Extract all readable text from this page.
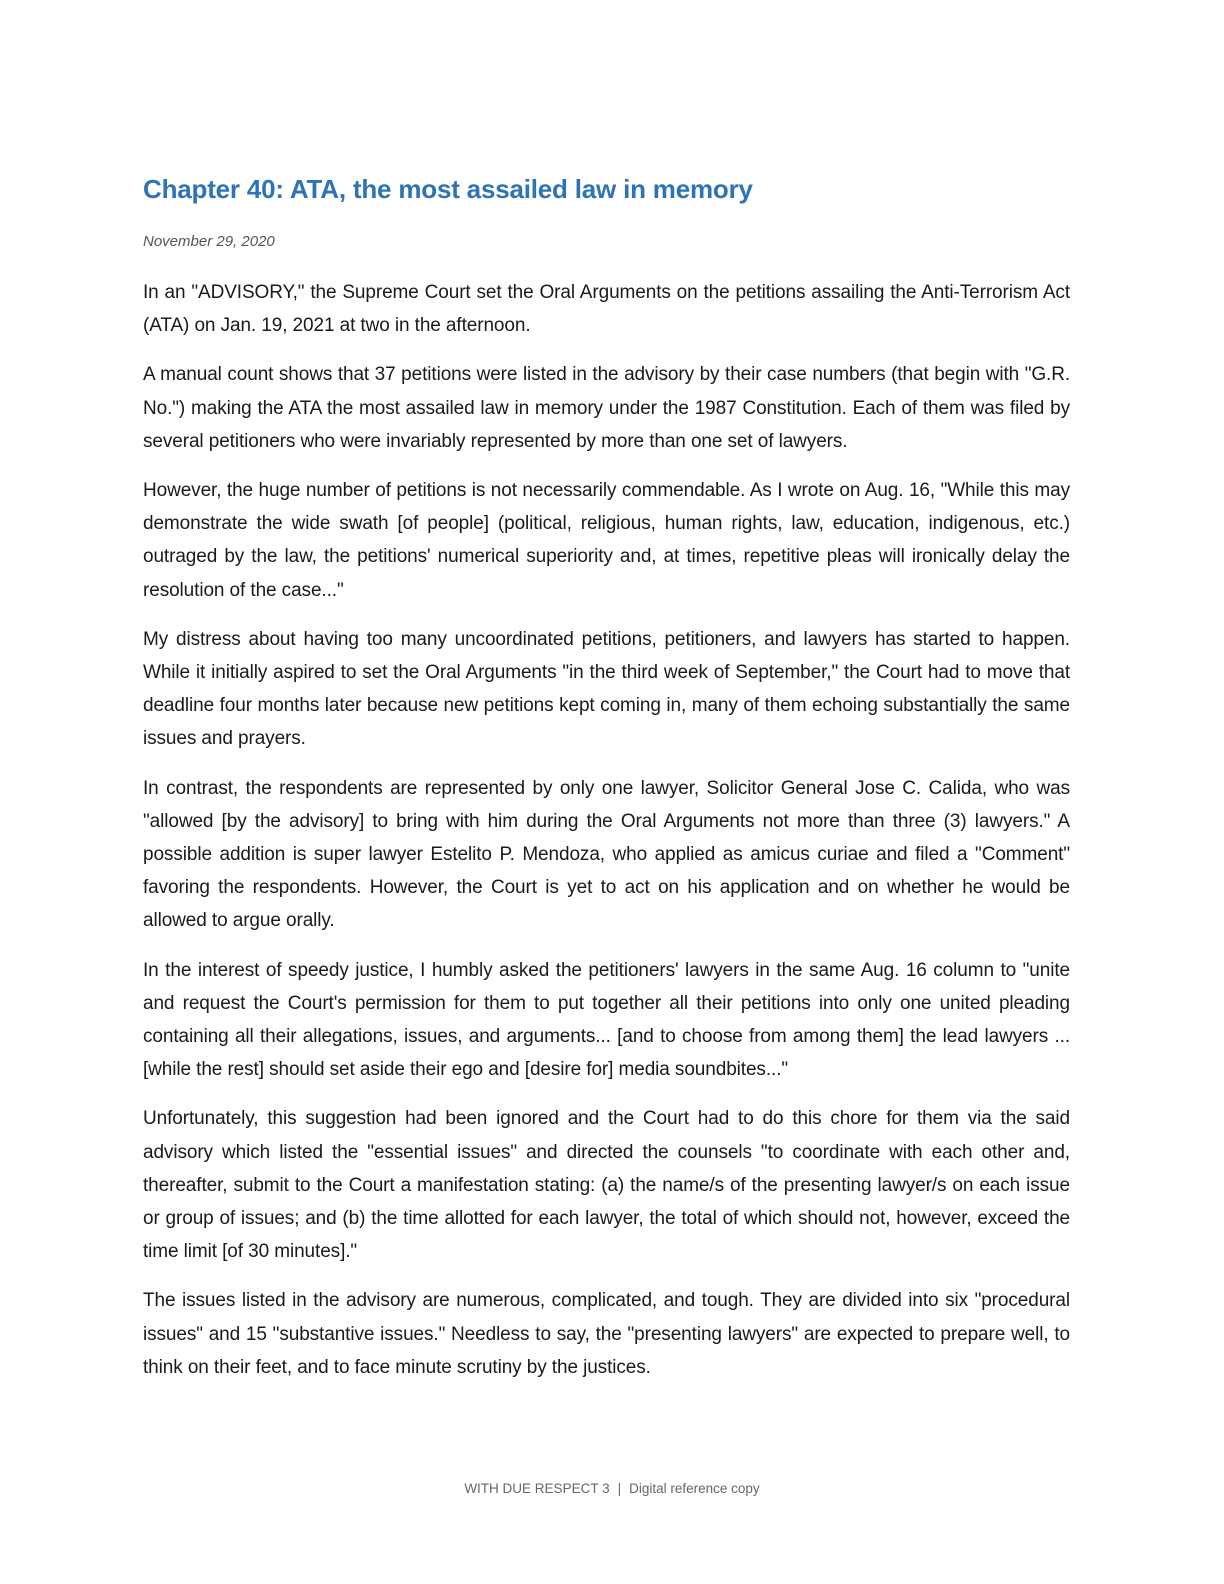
Chapter 40: ATA, the most assailed law in memory
November 29, 2020

In an "ADVISORY," the Supreme Court set the Oral Arguments on the petitions assailing the Anti-Terrorism Act (ATA) on Jan. 19, 2021 at two in the afternoon.

A manual count shows that 37 petitions were listed in the advisory by their case numbers (that begin with "G.R. No.") making the ATA the most assailed law in memory under the 1987 Constitution. Each of them was filed by several petitioners who were invariably represented by more than one set of lawyers.

However, the huge number of petitions is not necessarily commendable. As I wrote on Aug. 16, "While this may demonstrate the wide swath [of people] (political, religious, human rights, law, education, indigenous, etc.) outraged by the law, the petitions' numerical superiority and, at times, repetitive pleas will ironically delay the resolution of the case..."

My distress about having too many uncoordinated petitions, petitioners, and lawyers has started to happen. While it initially aspired to set the Oral Arguments "in the third week of September," the Court had to move that deadline four months later because new petitions kept coming in, many of them echoing substantially the same issues and prayers.

In contrast, the respondents are represented by only one lawyer, Solicitor General Jose C. Calida, who was "allowed [by the advisory] to bring with him during the Oral Arguments not more than three (3) lawyers." A possible addition is super lawyer Estelito P. Mendoza, who applied as amicus curiae and filed a "Comment" favoring the respondents. However, the Court is yet to act on his application and on whether he would be allowed to argue orally.

In the interest of speedy justice, I humbly asked the petitioners' lawyers in the same Aug. 16 column to "unite and request the Court's permission for them to put together all their petitions into only one united pleading containing all their allegations, issues, and arguments... [and to choose from among them] the lead lawyers ... [while the rest] should set aside their ego and [desire for] media soundbites..."

Unfortunately, this suggestion had been ignored and the Court had to do this chore for them via the said advisory which listed the "essential issues" and directed the counsels "to coordinate with each other and, thereafter, submit to the Court a manifestation stating: (a) the name/s of the presenting lawyer/s on each issue or group of issues; and (b) the time allotted for each lawyer, the total of which should not, however, exceed the time limit [of 30 minutes]."

The issues listed in the advisory are numerous, complicated, and tough. They are divided into six "procedural issues" and 15 "substantive issues." Needless to say, the "presenting lawyers" are expected to prepare well, to think on their feet, and to face minute scrutiny by the justices.

WITH DUE RESPECT 3 | Digital reference copy
